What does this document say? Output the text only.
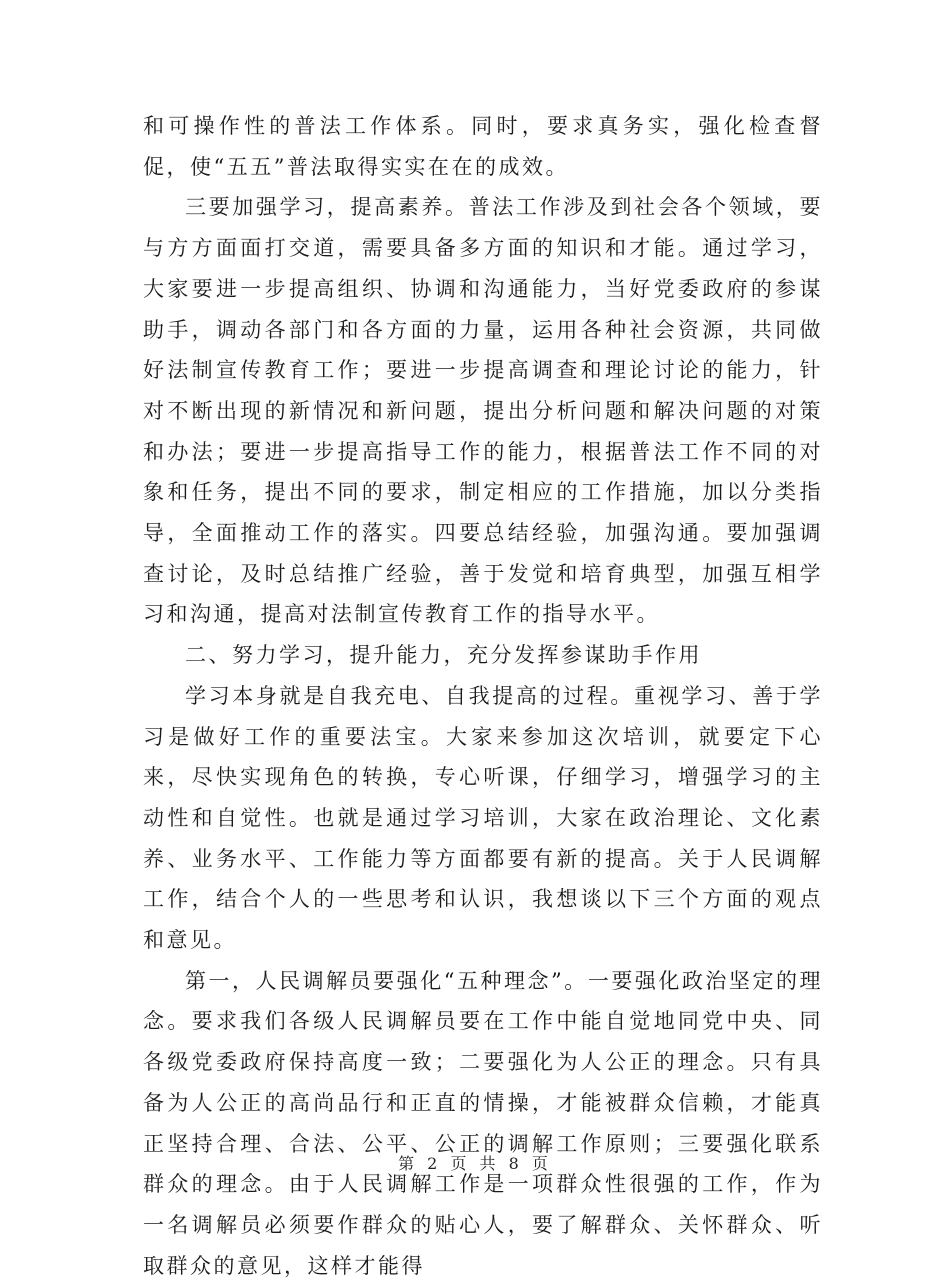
和可操作性的普法工作体系。同时，要求真务实，强化检查督促，使“五五”普法取得实实在在的成效。

三要加强学习，提高素养。普法工作涉及到社会各个领域，要与方方面面打交道，需要具备多方面的知识和才能。通过学习，大家要进一步提高组织、协调和沟通能力，当好党委政府的参谋助手，调动各部门和各方面的力量，运用各种社会资源，共同做好法制宣传教育工作；要进一步提高调查和理论讨论的能力，针对不断出现的新情况和新问题，提出分析问题和解决问题的对策和办法；要进一步提高指导工作的能力，根据普法工作不同的对象和任务，提出不同的要求，制定相应的工作措施，加以分类指导，全面推动工作的落实。四要总结经验，加强沟通。要加强调查讨论，及时总结推广经验，善于发觉和培育典型，加强互相学习和沟通，提高对法制宣传教育工作的指导水平。

二、努力学习，提升能力，充分发挥参谋助手作用

学习本身就是自我充电、自我提高的过程。重视学习、善于学习是做好工作的重要法宝。大家来参加这次培训，就要定下心来，尽快实现角色的转换，专心听课，仔细学习，增强学习的主动性和自觉性。也就是通过学习培训，大家在政治理论、文化素养、业务水平、工作能力等方面都要有新的提高。关于人民调解工作，结合个人的一些思考和认识，我想谈以下三个方面的观点和意见。

第一，人民调解员要强化“五种理念”。一要强化政治坚定的理念。要求我们各级人民调解员要在工作中能自觉地同党中央、同各级党委政府保持高度一致；二要强化为人公正的理念。只有具备为人公正的高尚品行和正直的情操，才能被群众信赖，才能真正坚持合理、合法、公平、公正的调解工作原则；三要强化联系群众的理念。由于人民调解工作是一项群众性很强的工作，作为一名调解员必须要作群众的贴心人，要了解群众、关怀群众、听取群众的意见，这样才能得

第 2 页 共 8 页
